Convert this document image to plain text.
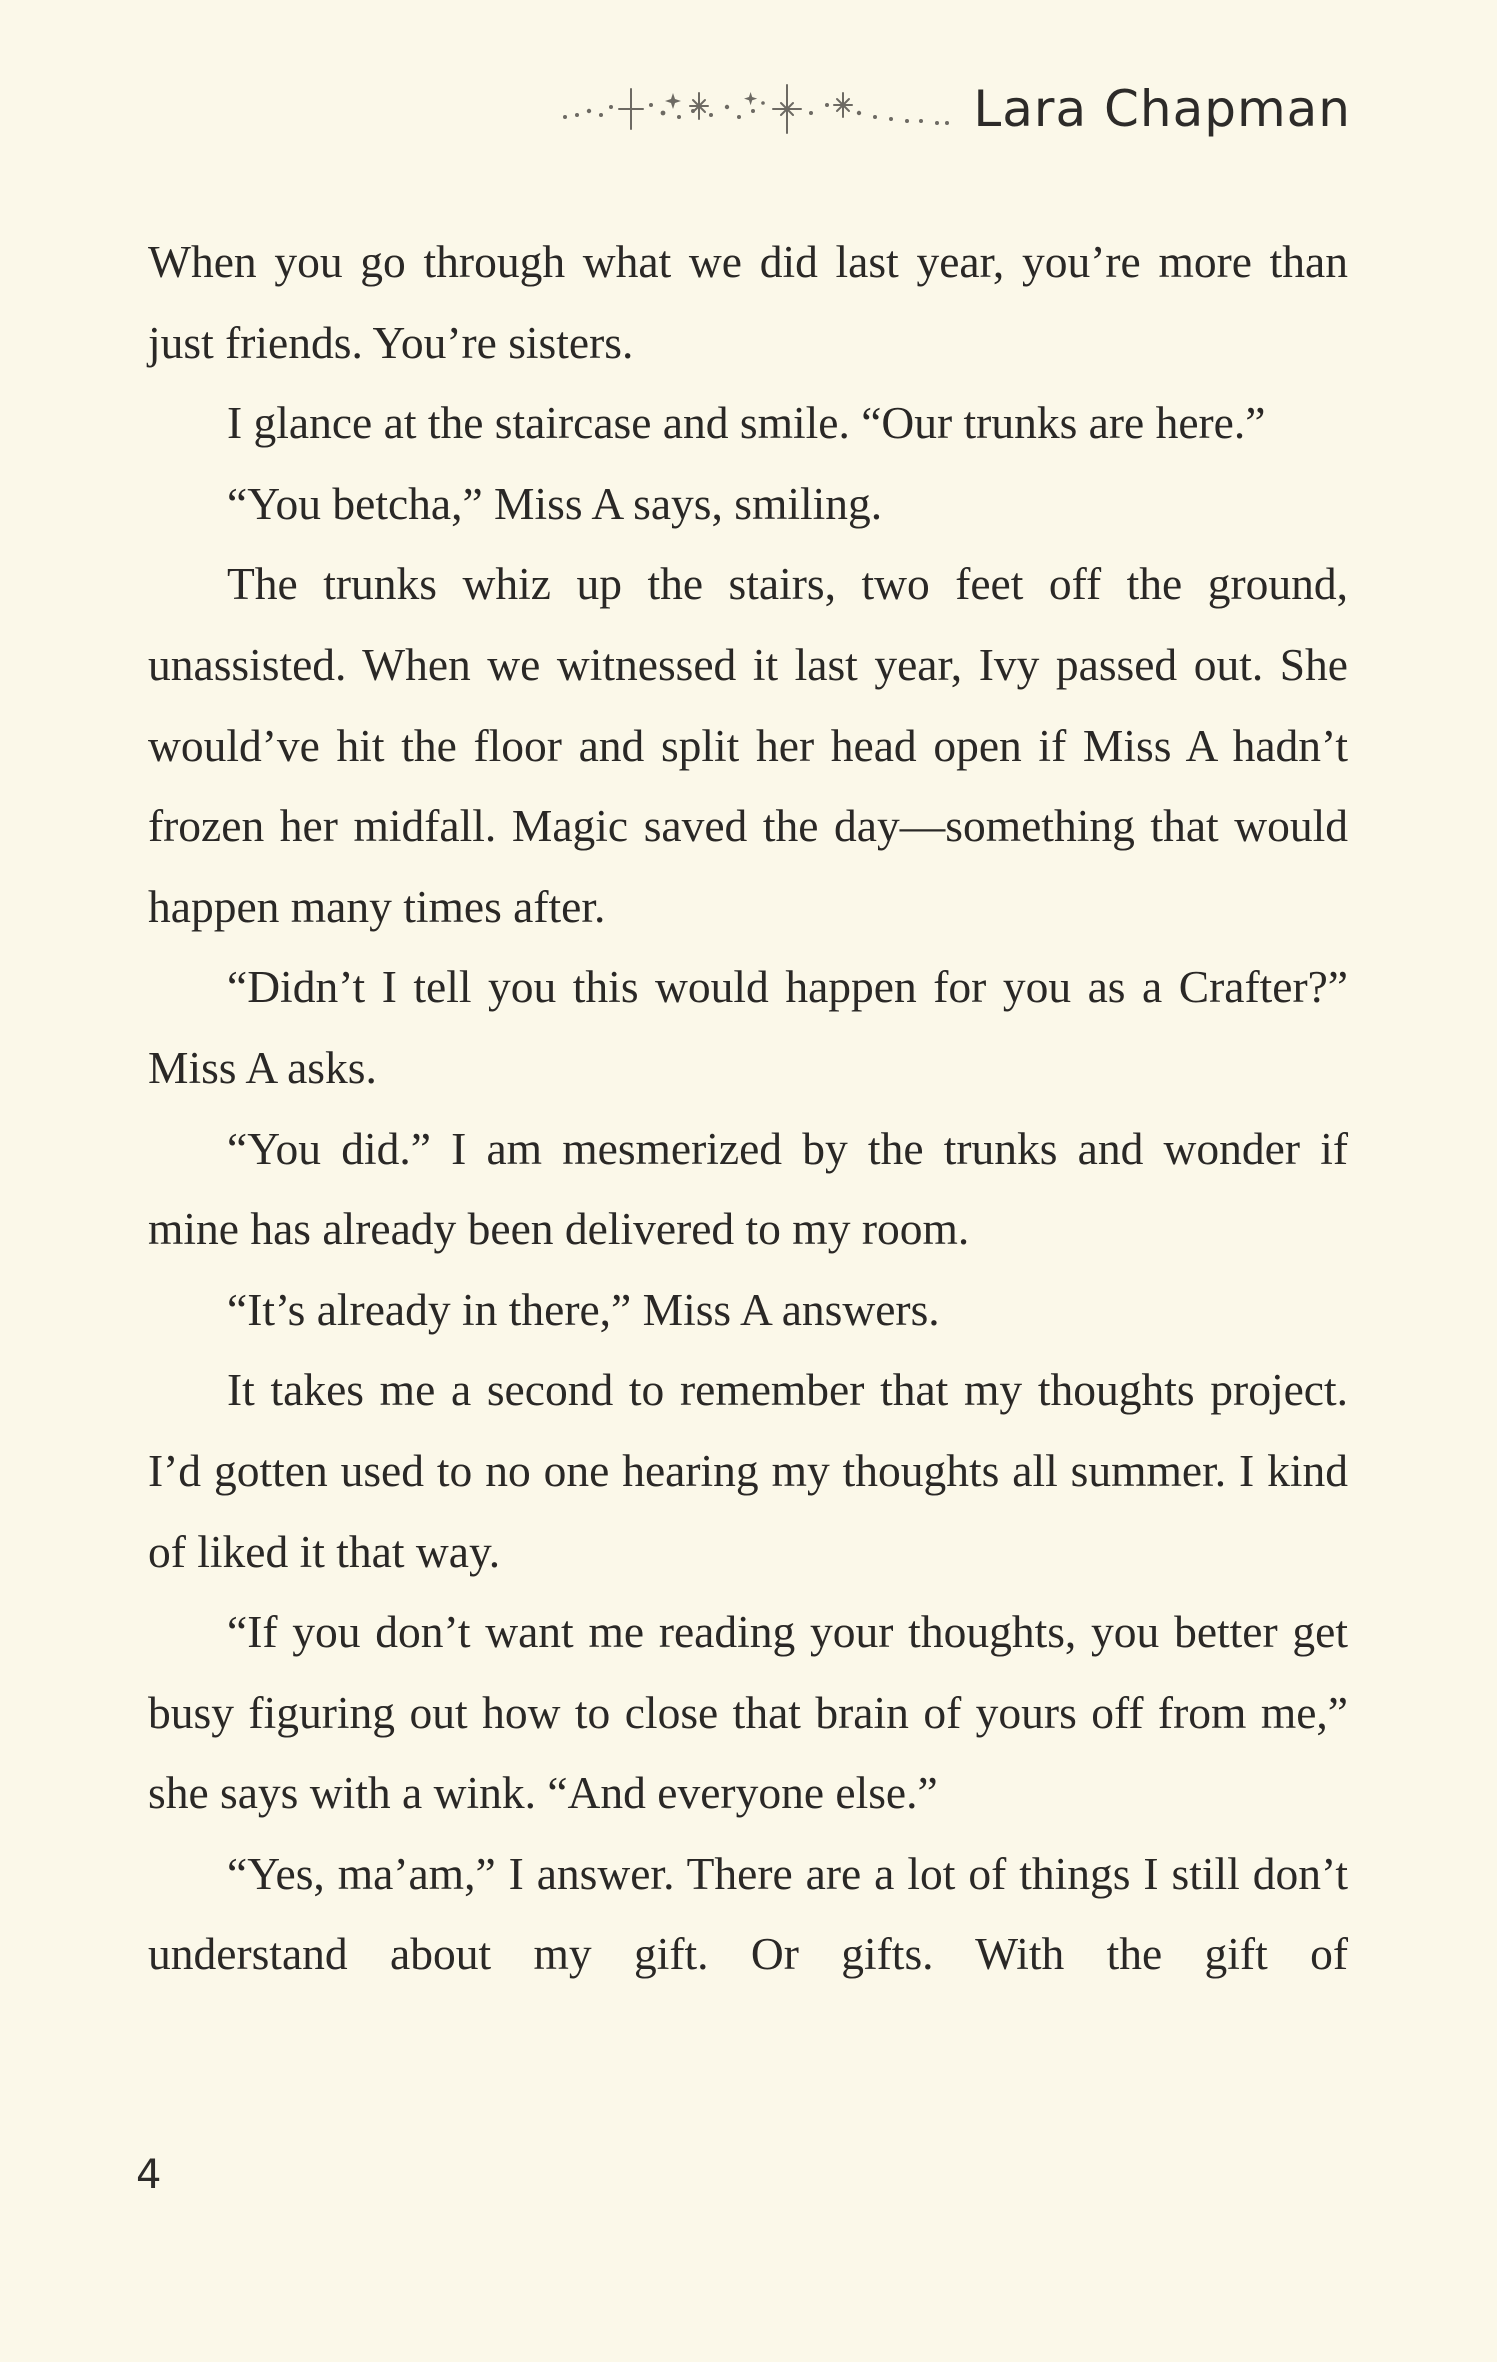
Lara Chapman

When you go through what we did last year, you’re more than just friends. You’re sisters.

I glance at the staircase and smile. “Our trunks are here.”

“You betcha,” Miss A says, smiling.

The trunks whiz up the stairs, two feet off the ground, unassisted. When we witnessed it last year, Ivy passed out. She would’ve hit the floor and split her head open if Miss A hadn’t frozen her midfall. Magic saved the day—something that would happen many times after.

“Didn’t I tell you this would happen for you as a Crafter?” Miss A asks.

“You did.” I am mesmerized by the trunks and wonder if mine has already been delivered to my room.

“It’s already in there,” Miss A answers.

It takes me a second to remember that my thoughts project. I’d gotten used to no one hearing my thoughts all summer. I kind of liked it that way.

“If you don’t want me reading your thoughts, you better get busy figuring out how to close that brain of yours off from me,” she says with a wink. “And everyone else.”

“Yes, ma’am,” I answer. There are a lot of things I still don’t understand about my gift. Or gifts. With the gift of

4
